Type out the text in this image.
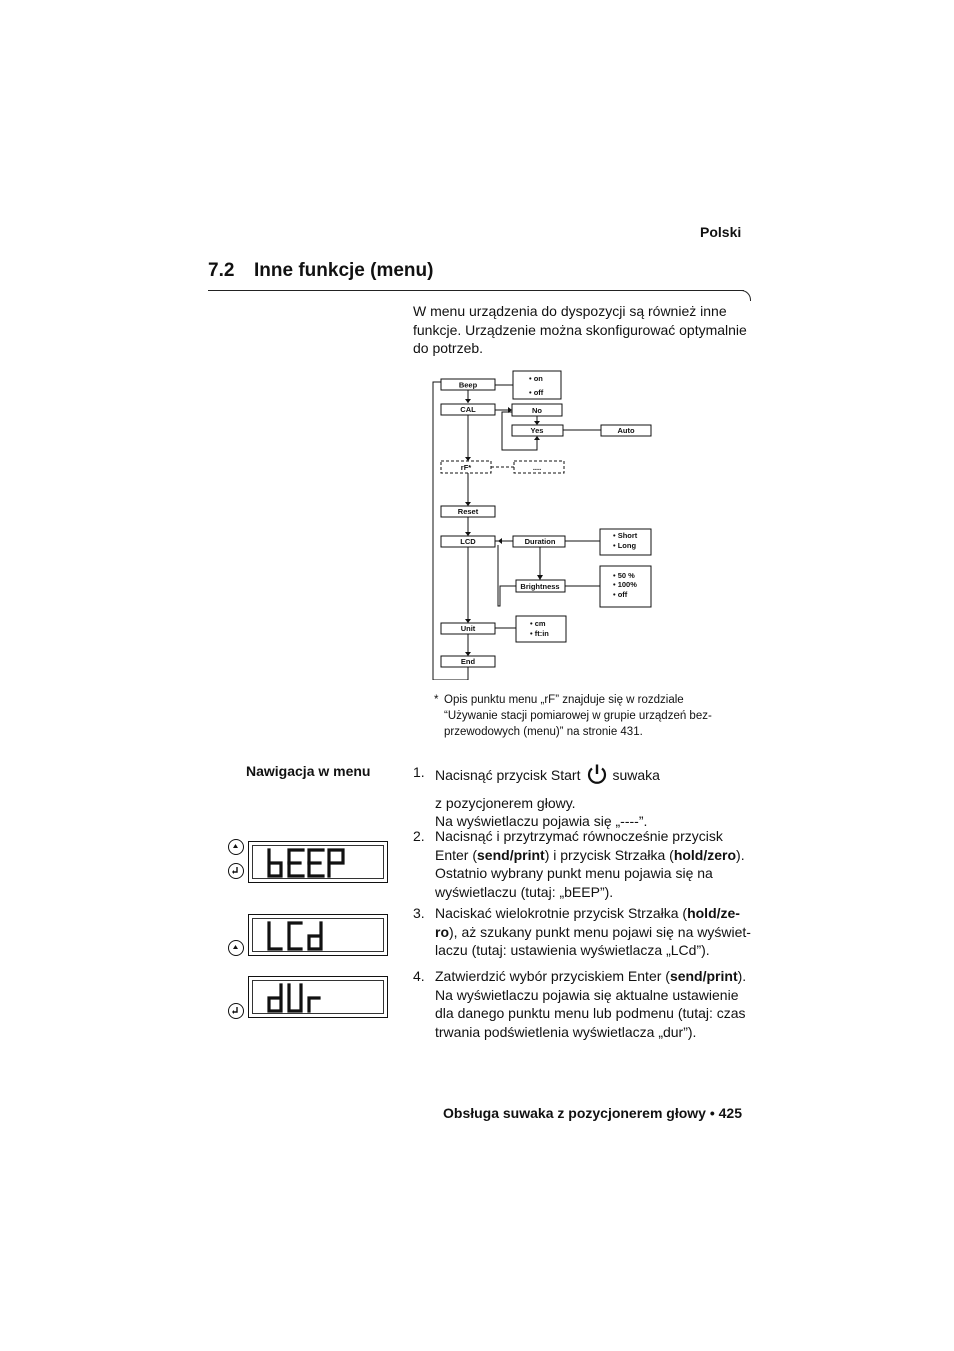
Polski
7.2 Inne funkcje (menu)
W menu urządzenia do dyspozycji są również inne funkcje. Urządzenie można skonfigurować optymalnie do potrzeb.
Beep
CAL
rF*
Reset
LCD
Unit
End
• on
• off
No
Yes	Auto
....
Duration
Brightness
• Short
• Long
• 50 %
• 100%
• off
• cm
• ft:in
* Opis punktu menu „rF” znajduje się w rozdziale
“Używanie stacji pomiarowej w grupie urządzeń bez-
przewodowych (menu)” na stronie 431.
Nawigacja w menu	1. Nacisnąć przycisk Start suwaka
z pozycjonerem głowy.
Na wyświetlaczu pojawia się „----”.
2. Nacisnąć i przytrzymać równocześnie przycisk
Enter (send/print) i przycisk Strzałka (hold/zero).
Ostatnio wybrany punkt menu pojawia się na
wyświetlaczu (tutaj: „bEEP”).
3. Naciskać wielokrotnie przycisk Strzałka (hold/ze-
ro), aż szukany punkt menu pojawi się na wyświet-
laczu (tutaj: ustawienia wyświetlacza „LCd”).
4. Zatwierdzić wybór przyciskiem Enter (send/print).
Na wyświetlaczu pojawia się aktualne ustawienie
dla danego punktu menu lub podmenu (tutaj: czas
trwania podświetlenia wyświetlacza „dur”).
Obsługa suwaka z pozycjonerem głowy • 425
